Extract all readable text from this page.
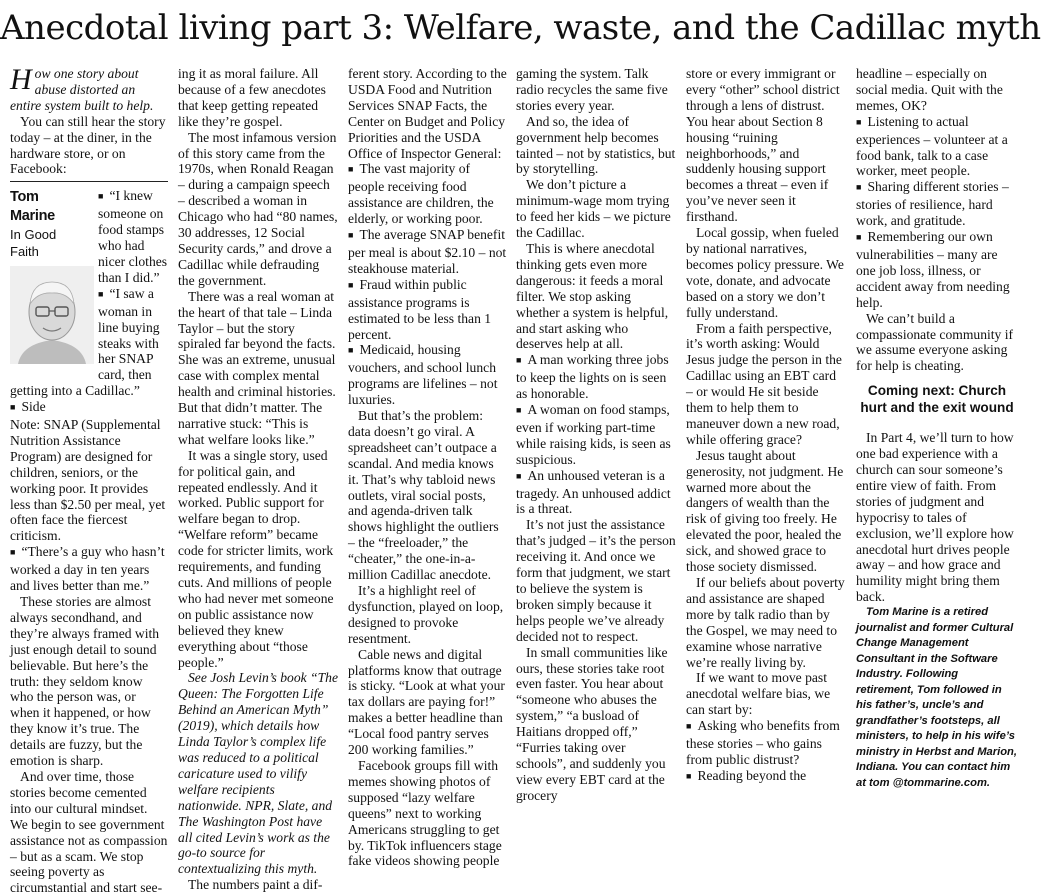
Anecdotal living part 3: Welfare, waste, and the Cadillac myth

How one story about abuse distorted an entire system built to help.

You can still hear the story today – at the diner, in the hardware store, or on Facebook:

Tom
Marine
In Good
Faith

■ “I knew someone on food stamps who had nicer clothes than I did.”

■ “I saw a woman in line buying steaks with her SNAP card, then getting into a Cadillac.”

■ Side

Note: SNAP (Supplemental Nutrition Assistance Program) are designed for children, seniors, or the working poor. It provides less than $2.50 per meal, yet often face the fiercest criticism.

■ “There’s a guy who hasn’t worked a day in ten years and lives better than me.”

These stories are almost always secondhand, and they’re always framed with just enough detail to sound believable. But here’s the truth: they seldom know who the person was, or when it happened, or how they know it’s true. The details are fuzzy, but the emotion is sharp.

And over time, those stories become cemented into our cultural mindset. We begin to see government assistance not as compassion – but as a scam. We stop seeing poverty as circumstantial and start see-

ing it as moral failure. All because of a few anecdotes that keep getting repeated like they’re gospel.

The most infamous version of this story came from the 1970s, when Ronald Reagan – during a campaign speech – described a woman in Chicago who had “80 names, 30 addresses, 12 Social Security cards,” and drove a Cadillac while defrauding the government.

There was a real woman at the heart of that tale – Linda Taylor – but the story spiraled far beyond the facts. She was an extreme, unusual case with complex mental health and criminal histories. But that didn’t matter. The narrative stuck: “This is what welfare looks like.”

It was a single story, used for political gain, and repeated endlessly. And it worked. Public support for welfare began to drop. “Welfare reform” became code for stricter limits, work requirements, and funding cuts. And millions of people who had never met someone on public assistance now believed they knew everything about “those people.”

See Josh Levin’s book “The Queen: The Forgotten Life Behind an American Myth” (2019), which details how Linda Taylor’s complex life was reduced to a political caricature used to vilify welfare recipients nationwide. NPR, Slate, and The Washington Post have all cited Levin’s work as the go-to source for contextualizing this myth.

The numbers paint a dif-

ferent story. According to the USDA Food and Nutrition Services SNAP Facts, the Center on Budget and Policy Priorities and the USDA Office of Inspector General:

■ The vast majority of people receiving food assistance are children, the elderly, or working poor.

■ The average SNAP benefit per meal is about $2.10 – not steakhouse material.

■ Fraud within public assistance programs is estimated to be less than 1 percent.

■ Medicaid, housing vouchers, and school lunch programs are lifelines – not luxuries.

But that’s the problem: data doesn’t go viral. A spreadsheet can’t outpace a scandal. And media knows it. That’s why tabloid news outlets, viral social posts, and agenda-driven talk shows highlight the outliers – the “freeloader,” the “cheater,” the one-in-a-million Cadillac anecdote.

It’s a highlight reel of dysfunction, played on loop, designed to provoke resentment.

Cable news and digital platforms know that outrage is sticky. “Look at what your tax dollars are paying for!” makes a better headline than “Local food pantry serves 200 working families.”

Facebook groups fill with memes showing photos of supposed “lazy welfare queens” next to working Americans struggling to get by. TikTok influencers stage fake videos showing people

gaming the system. Talk radio recycles the same five stories every year.

And so, the idea of government help becomes tainted – not by statistics, but by storytelling.

We don’t picture a minimum-wage mom trying to feed her kids – we picture the Cadillac.

This is where anecdotal thinking gets even more dangerous: it feeds a moral filter. We stop asking whether a system is helpful, and start asking who deserves help at all.

■ A man working three jobs to keep the lights on is seen as honorable.

■ A woman on food stamps, even if working part-time while raising kids, is seen as suspicious.

■ An unhoused veteran is a tragedy. An unhoused addict is a threat.

It’s not just the assistance that’s judged – it’s the person receiving it. And once we form that judgment, we start to believe the system is broken simply because it helps people we’ve already decided not to respect.

In small communities like ours, these stories take root even faster. You hear about “someone who abuses the system,” “a busload of Haitians dropped off,” “Furries taking over schools”, and suddenly you view every EBT card at the grocery

store or every immigrant or every “other” school district through a lens of distrust. You hear about Section 8 housing “ruining neighborhoods,” and suddenly housing support becomes a threat – even if you’ve never seen it firsthand.

Local gossip, when fueled by national narratives, becomes policy pressure. We vote, donate, and advocate based on a story we don’t fully understand.

From a faith perspective, it’s worth asking: Would Jesus judge the person in the Cadillac using an EBT card – or would He sit beside them to help them to maneuver down a new road, while offering grace?

Jesus taught about generosity, not judgment. He warned more about the dangers of wealth than the risk of giving too freely. He elevated the poor, healed the sick, and showed grace to those society dismissed.

If our beliefs about poverty and assistance are shaped more by talk radio than by the Gospel, we may need to examine whose narrative we’re really living by.

If we want to move past anecdotal welfare bias, we can start by:

■ Asking who benefits from these stories – who gains from public distrust?

■ Reading beyond the

headline – especially on social media. Quit with the memes, OK?

■ Listening to actual experiences – volunteer at a food bank, talk to a case worker, meet people.

■ Sharing different stories – stories of resilience, hard work, and gratitude.

■ Remembering our own vulnerabilities – many are one job loss, illness, or accident away from needing help.

We can’t build a compassionate community if we assume everyone asking for help is cheating.

Coming next: Church hurt and the exit wound

In Part 4, we’ll turn to how one bad experience with a church can sour someone’s entire view of faith. From stories of judgment and hypocrisy to tales of exclusion, we’ll explore how anecdotal hurt drives people away – and how grace and humility might bring them back.

Tom Marine is a retired journalist and former Cultural Change Management Consultant in the Software Industry. Following retirement, Tom followed in his father’s, uncle’s and grandfather’s footsteps, all ministers, to help in his wife’s ministry in Herbst and Marion, Indiana. You can contact him at tom @tommarine.com.
